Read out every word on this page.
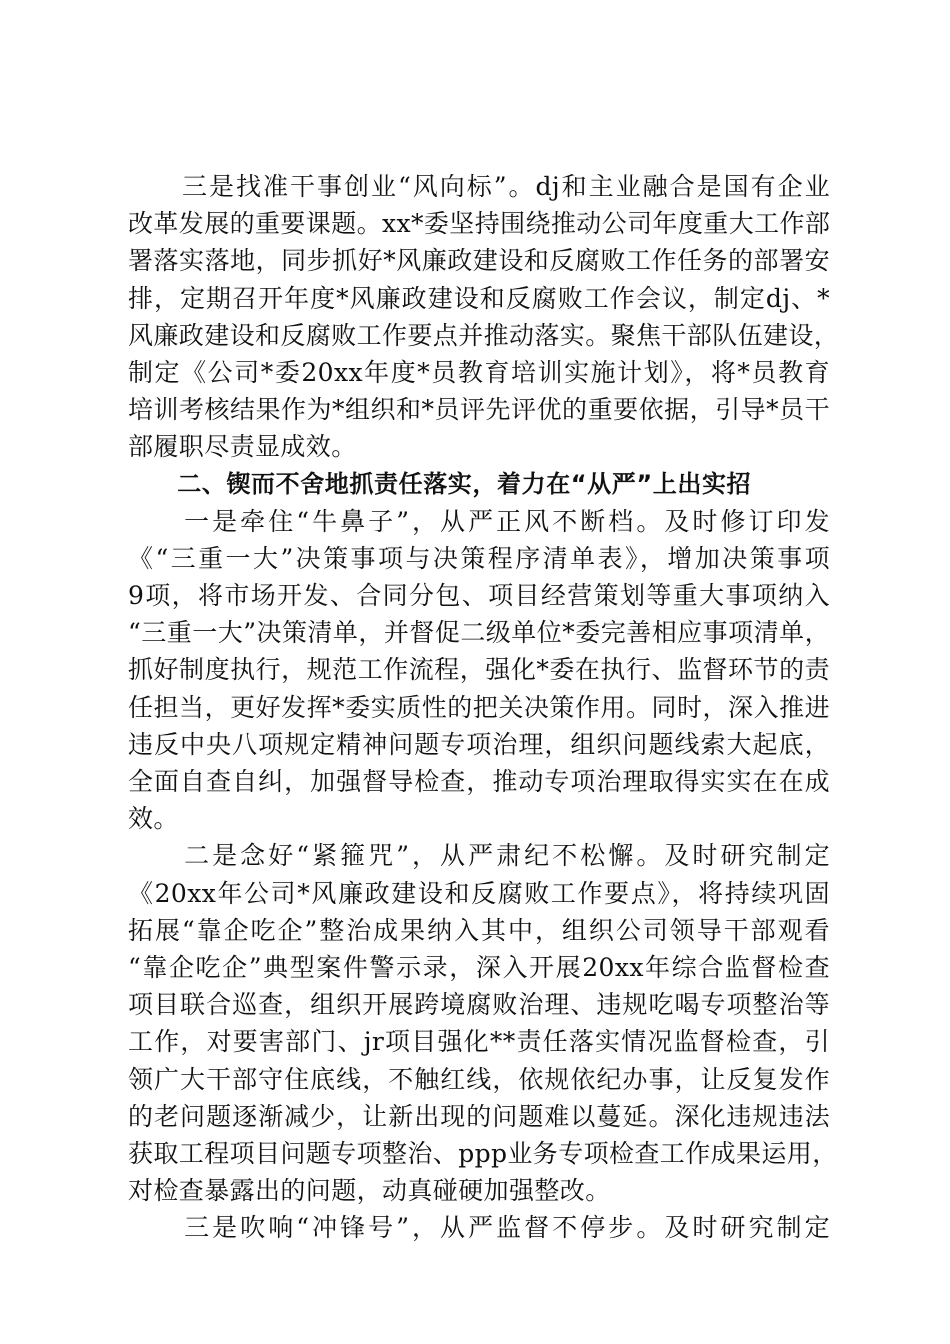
　　三是找准干事创业“风向标”。dj和主业融合是国有企业
改革发展的重要课题。xx*委坚持围绕推动公司年度重大工作部
署落实落地，同步抓好*风廉政建设和反腐败工作任务的部署安
排，定期召开年度*风廉政建设和反腐败工作会议，制定dj、*
风廉政建设和反腐败工作要点并推动落实。聚焦干部队伍建设，
制定《公司*委20xx年度*员教育培训实施计划》，将*员教育
培训考核结果作为*组织和*员评先评优的重要依据，引导*员干
部履职尽责显成效。
　　二、锲而不舍地抓责任落实，着力在“从严”上出实招
　　一是牵住“牛鼻子”，从严正风不断档。及时修订印发
《“三重一大”决策事项与决策程序清单表》，增加决策事项
9项，将市场开发、合同分包、项目经营策划等重大事项纳入
“三重一大”决策清单，并督促二级单位*委完善相应事项清单，
抓好制度执行，规范工作流程，强化*委在执行、监督环节的责
任担当，更好发挥*委实质性的把关决策作用。同时，深入推进
违反中央八项规定精神问题专项治理，组织问题线索大起底，
全面自查自纠，加强督导检查，推动专项治理取得实实在在成
效。
　　二是念好“紧箍咒”，从严肃纪不松懈。及时研究制定
《20xx年公司*风廉政建设和反腐败工作要点》，将持续巩固
拓展“靠企吃企”整治成果纳入其中，组织公司领导干部观看
“靠企吃企”典型案件警示录，深入开展20xx年综合监督检查
项目联合巡查，组织开展跨境腐败治理、违规吃喝专项整治等
工作，对要害部门、jr项目强化**责任落实情况监督检查，引
领广大干部守住底线，不触红线，依规依纪办事，让反复发作
的老问题逐渐减少，让新出现的问题难以蔓延。深化违规违法
获取工程项目问题专项整治、ppp业务专项检查工作成果运用，
对检查暴露出的问题，动真碰硬加强整改。
　　三是吹响“冲锋号”，从严监督不停步。及时研究制定
